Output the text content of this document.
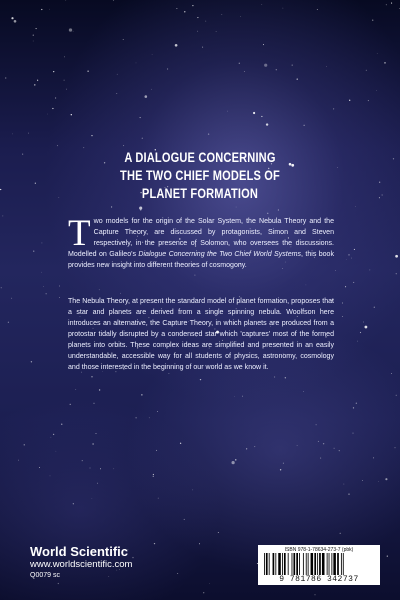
A DIALOGUE CONCERNING
THE TWO CHIEF MODELS OF
PLANET FORMATION
Two models for the origin of the Solar System, the Nebula Theory and the Capture Theory, are discussed by protagonists, Simon and Steven respectively, in the presence of Solomon, who oversees the discussions. Modelled on Galileo's Dialogue Concerning the Two Chief World Systems, this book provides new insight into different theories of cosmogony.
The Nebula Theory, at present the standard model of planet formation, proposes that a star and planets are derived from a single spinning nebula. Woolfson here introduces an alternative, the Capture Theory, in which planets are produced from a protostar tidally disrupted by a condensed star which 'captures' most of the formed planets into orbits. These complex ideas are simplified and presented in an easily understandable, accessible way for all students of physics, astronomy, cosmology and those interested in the beginning of our world as we know it.
World Scientific
www.worldscientific.com
Q0079 sc
ISBN 978-1-78634-273-7 (pbk)
9 781786 342737
